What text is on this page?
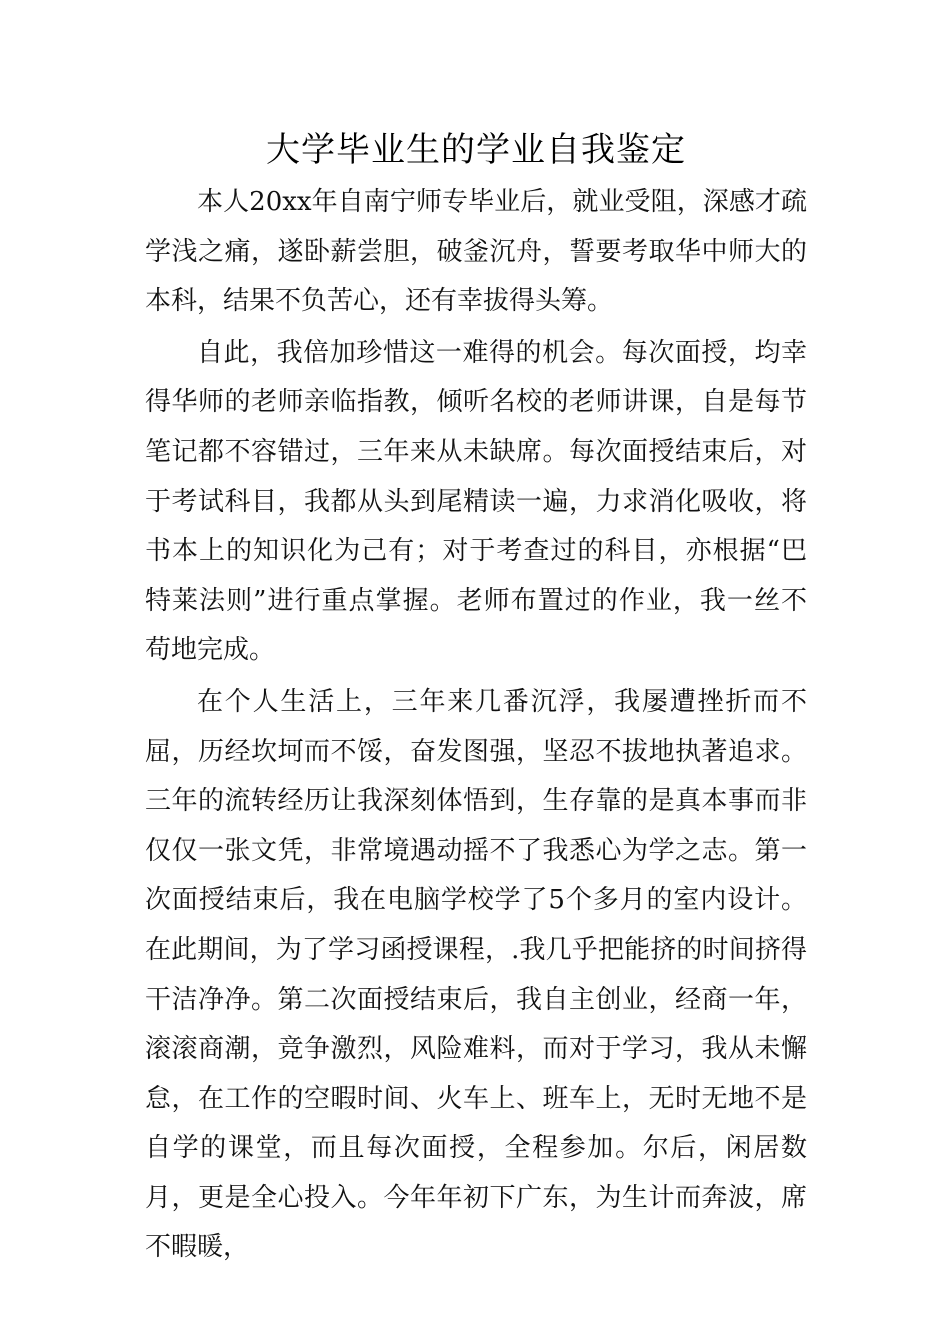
大学毕业生的学业自我鉴定

本人20xx年自南宁师专毕业后，就业受阻，深感才疏学浅之痛，遂卧薪尝胆，破釜沉舟，誓要考取华中师大的本科，结果不负苦心，还有幸拔得头筹。

自此，我倍加珍惜这一难得的机会。每次面授，均幸得华师的老师亲临指教，倾听名校的老师讲课，自是每节笔记都不容错过，三年来从未缺席。每次面授结束后，对于考试科目，我都从头到尾精读一遍，力求消化吸收，将书本上的知识化为己有；对于考查过的科目，亦根据“巴特莱法则”进行重点掌握。老师布置过的作业，我一丝不苟地完成。

在个人生活上，三年来几番沉浮，我屡遭挫折而不屈，历经坎坷而不馁，奋发图强，坚忍不拔地执著追求。三年的流转经历让我深刻体悟到，生存靠的是真本事而非仅仅一张文凭，非常境遇动摇不了我悉心为学之志。第一次面授结束后，我在电脑学校学了5个多月的室内设计。在此期间，为了学习函授课程，.我几乎把能挤的时间挤得干洁净净。第二次面授结束后，我自主创业，经商一年，滚滚商潮，竞争激烈，风险难料，而对于学习，我从未懈怠，在工作的空暇时间、火车上、班车上，无时无地不是自学的课堂，而且每次面授，全程参加。尔后，闲居数月，更是全心投入。今年年初下广东，为生计而奔波，席不暇暖，
